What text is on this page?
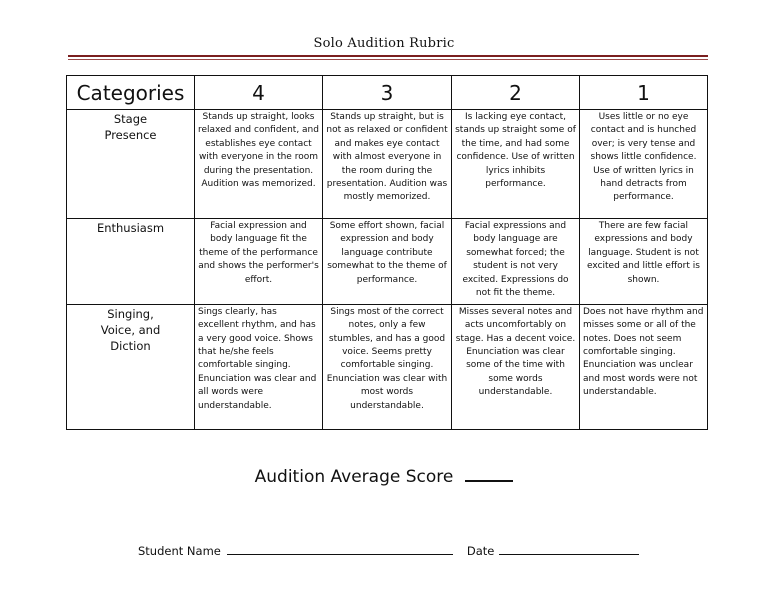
Solo Audition Rubric
Categories	4	3	2	1
Stage Presence	Stands up straight, looks relaxed and confident, and establishes eye contact with everyone in the room during the presentation. Audition was memorized.	Stands up straight, but is not as relaxed or confident and makes eye contact with almost everyone in the room during the presentation. Audition was mostly memorized.	Is lacking eye contact, stands up straight some of the time, and had some confidence. Use of written lyrics inhibits performance.	Uses little or no eye contact and is hunched over; is very tense and shows little confidence. Use of written lyrics in hand detracts from performance.
Enthusiasm	Facial expression and body language fit the theme of the performance and shows the performer's effort.	Some effort shown, facial expression and body language contribute somewhat to the theme of performance.	Facial expressions and body language are somewhat forced; the student is not very excited. Expressions do not fit the theme.	There are few facial expressions and body language. Student is not excited and little effort is shown.
Singing, Voice, and Diction	Sings clearly, has excellent rhythm, and has a very good voice. Shows that he/she feels comfortable singing. Enunciation was clear and all words were understandable.	Sings most of the correct notes, only a few stumbles, and has a good voice. Seems pretty comfortable singing. Enunciation was clear with most words understandable.	Misses several notes and acts uncomfortably on stage. Has a decent voice. Enunciation was clear some of the time with some words understandable.	Does not have rhythm and misses some or all of the notes. Does not seem comfortable singing. Enunciation was unclear and most words were not understandable.
Audition Average Score
Student Name	Date
